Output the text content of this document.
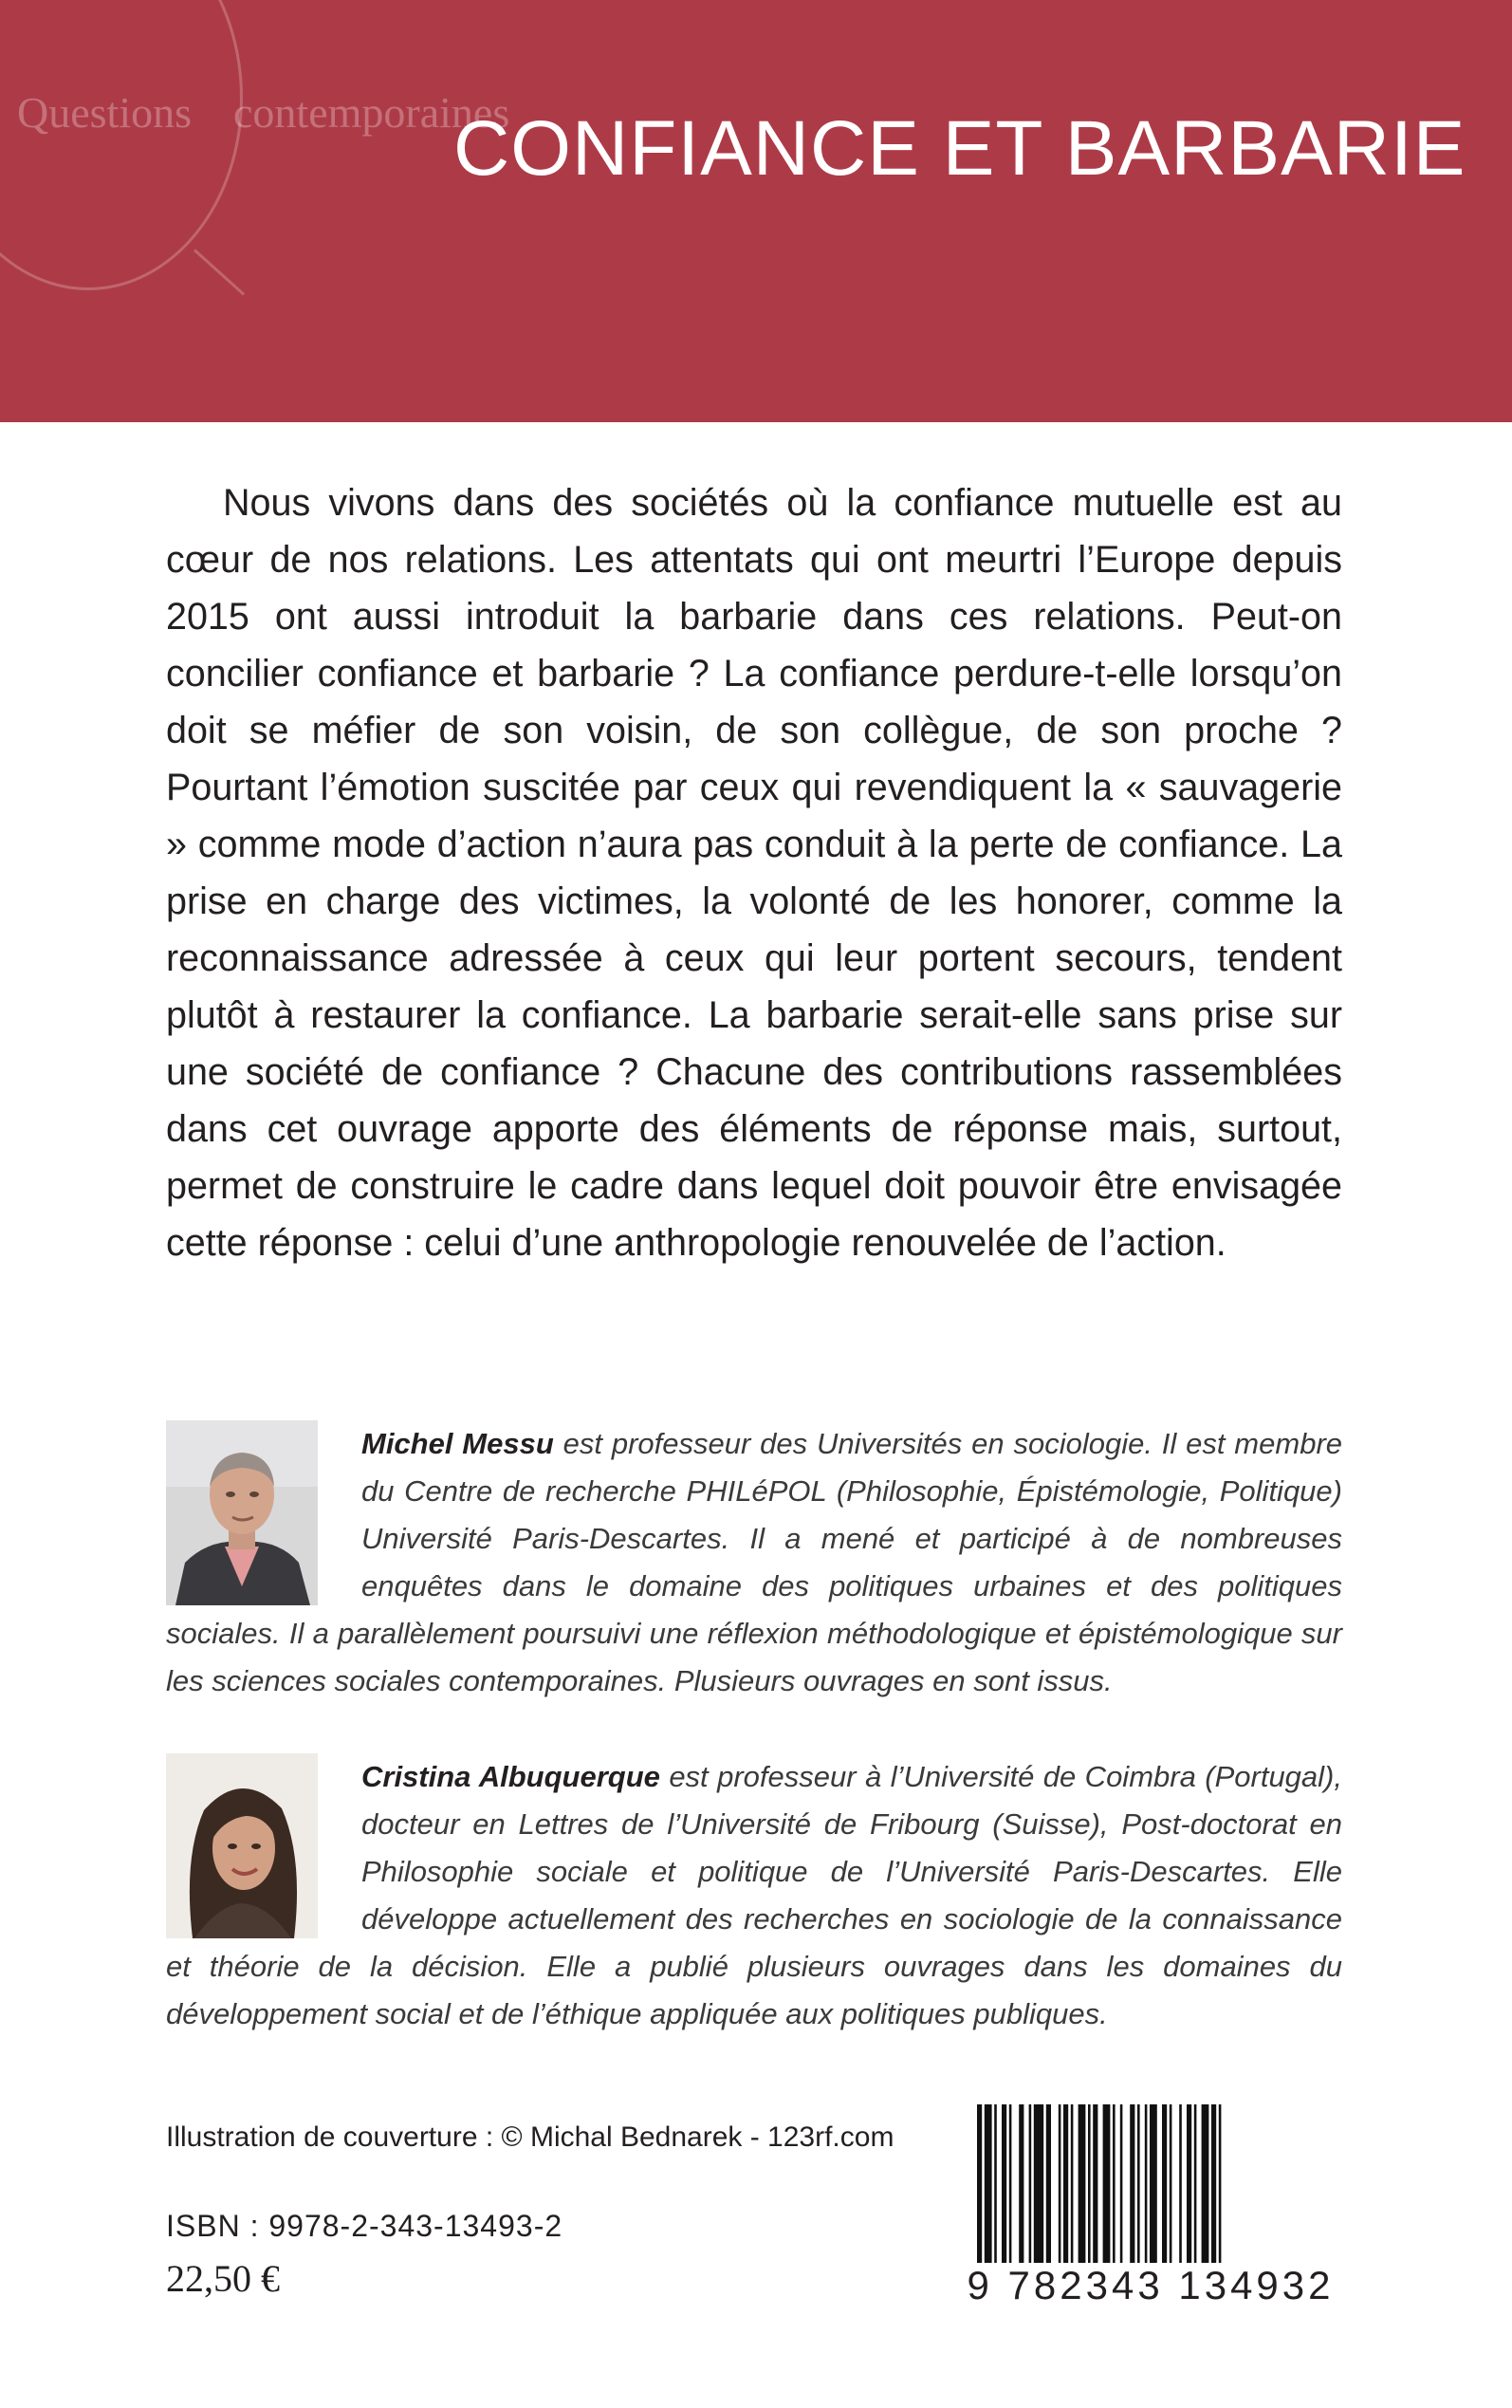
Questions contemporaines
CONFIANCE ET BARBARIE

Nous vivons dans des sociétés où la confiance mutuelle est au cœur de nos relations. Les attentats qui ont meurtri l’Europe depuis 2015 ont aussi introduit la barbarie dans ces relations. Peut-on concilier confiance et barbarie ? La confiance perdure-t-elle lorsqu’on doit se méfier de son voisin, de son collègue, de son proche ? Pourtant l’émotion suscitée par ceux qui revendiquent la « sauvagerie » comme mode d’action n’aura pas conduit à la perte de confiance. La prise en charge des victimes, la volonté de les honorer, comme la reconnaissance adressée à ceux qui leur portent secours, tendent plutôt à restaurer la confiance. La barbarie serait-elle sans prise sur une société de confiance ? Chacune des contributions rassemblées dans cet ouvrage apporte des éléments de réponse mais, surtout, permet de construire le cadre dans lequel doit pouvoir être envisagée cette réponse : celui d’une anthropologie renouvelée de l’action.

Michel Messu est professeur des Universités en sociologie. Il est membre du Centre de recherche PHILéPOL (Philosophie, Épistémologie, Politique) Université Paris-Descartes. Il a mené et participé à de nombreuses enquêtes dans le domaine des politiques urbaines et des politiques sociales. Il a parallèlement poursuivi une réflexion méthodologique et épistémologique sur les sciences sociales contemporaines. Plusieurs ouvrages en sont issus.

Cristina Albuquerque est professeur à l’Université de Coimbra (Portugal), docteur en Lettres de l’Université de Fribourg (Suisse), Post-doctorat en Philosophie sociale et politique de l’Université Paris-Descartes. Elle développe actuellement des recherches en sociologie de la connaissance et théorie de la décision. Elle a publié plusieurs ouvrages dans les domaines du développement social et de l’éthique appliquée aux politiques publiques.

Illustration de couverture : © Michal Bednarek - 123rf.com

ISBN : 9978-2-343-13493-2

22,50 €	9 782343 134932
